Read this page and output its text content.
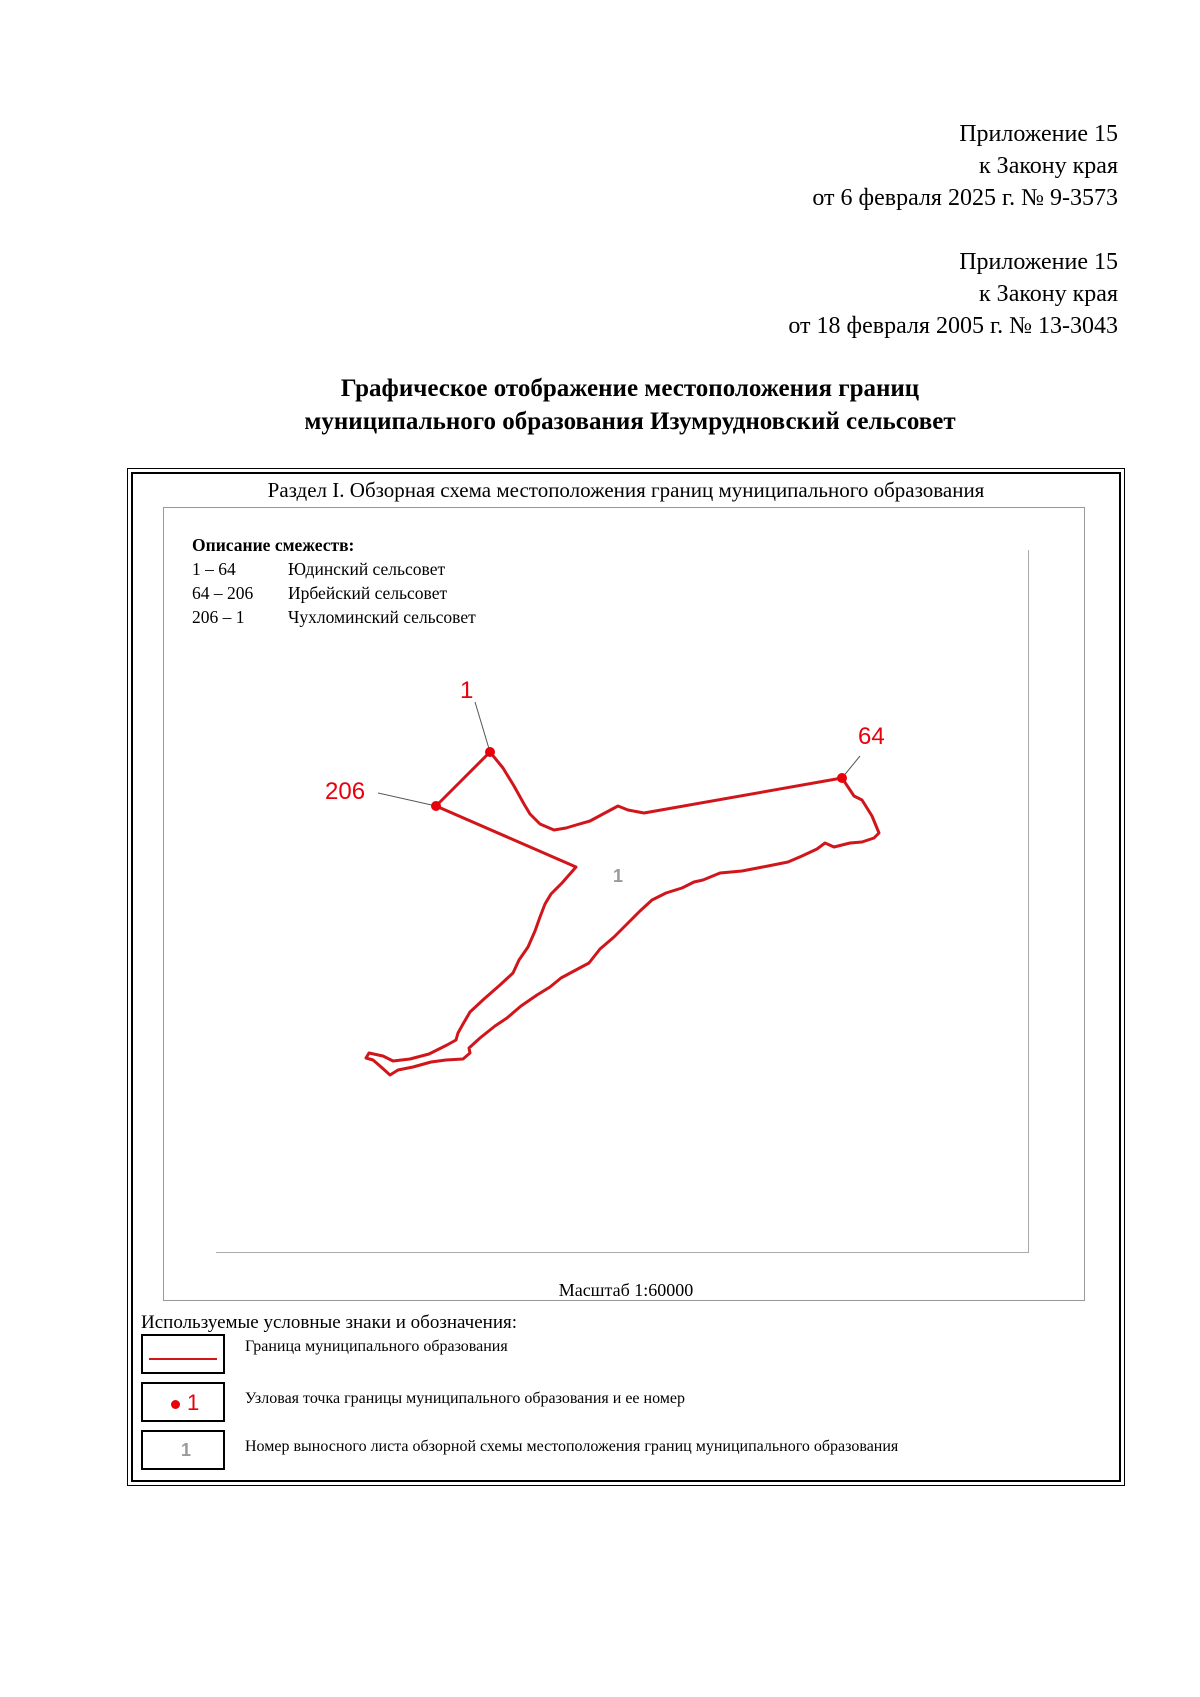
Приложение 15
к Закону края
от 6 февраля 2025 г. № 9-3573
Приложение 15
к Закону края
от 18 февраля 2005 г. № 13-3043
Графическое отображение местоположения границ
муниципального образования Изумрудновский сельсовет
Раздел I. Обзорная схема местоположения границ муниципального образования
Описание смежеств:
1 – 64	Юдинский сельсовет
64 – 206 Ирбейский сельсовет
206 – 1 Чухломинский сельсовет
1
64
206
1
Масштаб 1:60000
Используемые условные знаки и обозначения:
Граница муниципального образования
1	Узловая точка границы муниципального образования и ее номер
1	Номер выносного листа обзорной схемы местоположения границ муниципального образования
